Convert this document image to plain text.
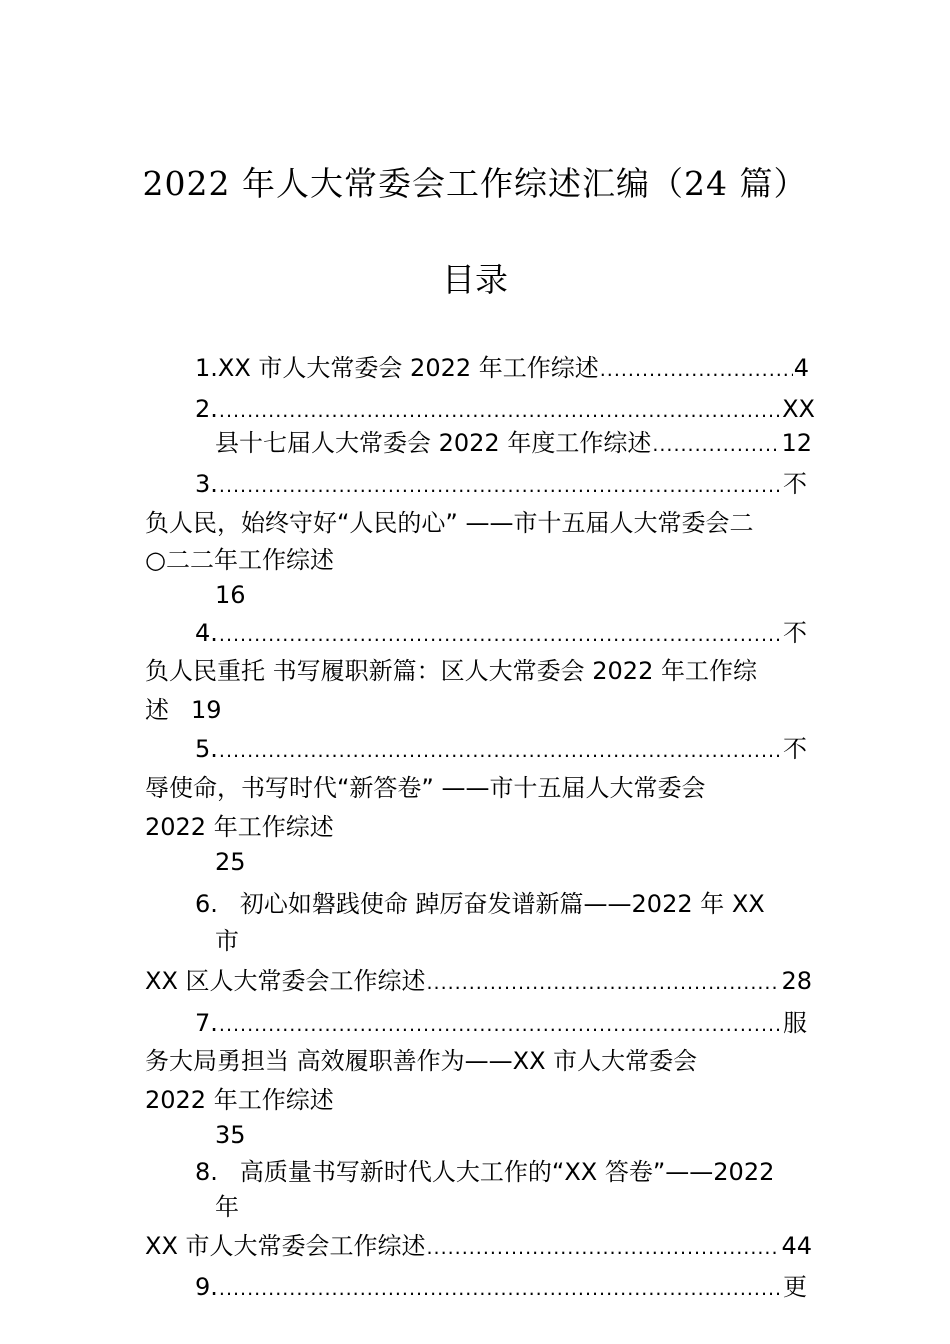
2022 年人大常委会工作综述汇编（24 篇）
目录
1. XX 市人大常委会 2022 年工作综述 .....	4
2. .....	XX
县十七届人大常委会 2022 年度工作综述 .....	12
3. .....	不
负人民，始终守好“人民的心” ——市十五届人大常委会二
○二二年工作综述
16
4. .....	不
负人民重托 书写履职新篇：区人大常委会 2022 年工作综
述 19
5. .....	不
辱使命，书写时代“新答卷” ——市十五届人大常委会
2022 年工作综述
25
6. 初心如磐践使命 踔厉奋发谱新篇——2022 年 XX
市
XX 区人大常委会工作综述 .....	28
7. .....	服
务大局勇担当 高效履职善作为——XX 市人大常委会
2022 年工作综述
35
8. 高质量书写新时代人大工作的“XX 答卷”——2022
年
XX 市人大常委会工作综述 .....	44
9. .....	更
